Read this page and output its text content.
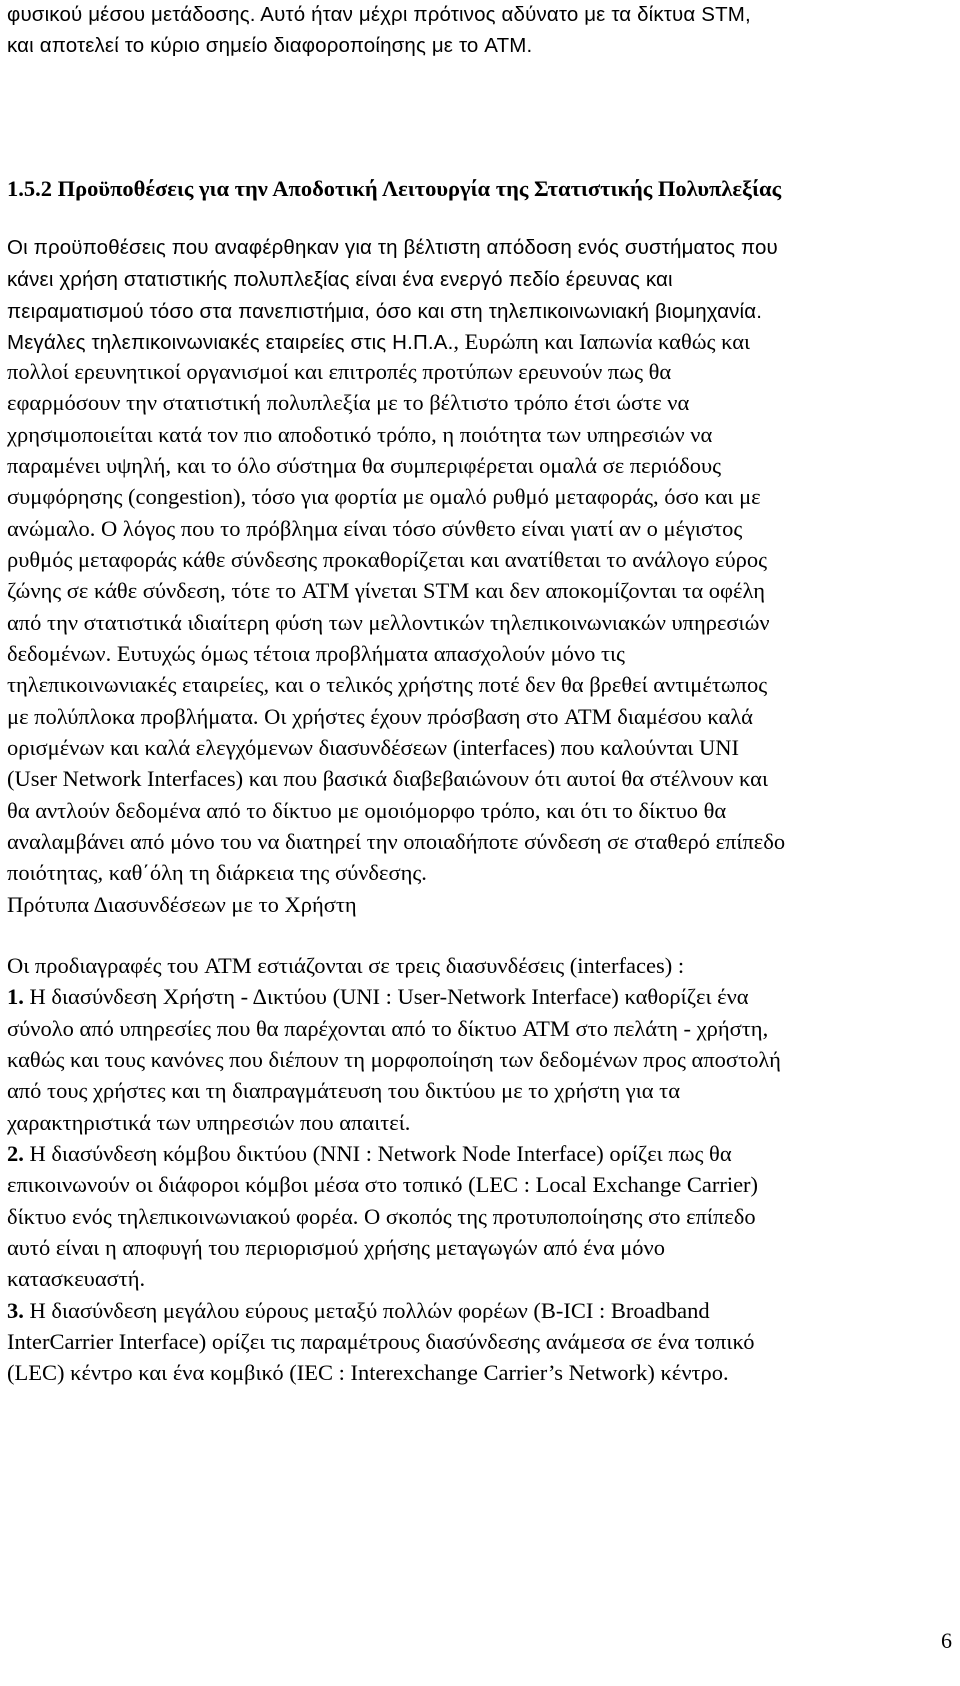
φυσικού μέσου μετάδοσης. Αυτό ήταν μέχρι πρότινος αδύνατο με τα δίκτυα STM,
και αποτελεί το κύριο σημείο διαφοροποίησης με το ATM.
1.5.2 Προϋποθέσεις για την Αποδοτική Λειτουργία της Στατιστικής Πολυπλεξίας
Οι προϋποθέσεις που αναφέρθηκαν για τη βέλτιστη απόδοση ενός συστήματος που
κάνει χρήση στατιστικής πολυπλεξίας είναι ένα ενεργό πεδίο έρευνας και
πειραματισμού τόσο στα πανεπιστήμια, όσο και στη τηλεπικοινωνιακή βιομηχανία.
Μεγάλες τηλεπικοινωνιακές εταιρείες στις Η.Π.Α., Ευρώπη και Ιαπωνία καθώς και
πολλοί ερευνητικοί οργανισμοί και επιτροπές προτύπων ερευνούν πως θα
εφαρμόσουν την στατιστική πολυπλεξία με το βέλτιστο τρόπο έτσι ώστε να
χρησιμοποιείται κατά τον πιο αποδοτικό τρόπο, η ποιότητα των υπηρεσιών να
παραμένει υψηλή, και το όλο σύστημα θα συμπεριφέρεται ομαλά σε περιόδους
συμφόρησης (congestion), τόσο για φορτία με ομαλό ρυθμό μεταφοράς, όσο και με
ανώμαλο. Ο λόγος που το πρόβλημα είναι τόσο σύνθετο είναι γιατί αν ο μέγιστος
ρυθμός μεταφοράς κάθε σύνδεσης προκαθορίζεται και ανατίθεται το ανάλογο εύρος
ζώνης σε κάθε σύνδεση, τότε το ATM γίνεται STM και δεν αποκομίζονται τα οφέλη
από την στατιστικά ιδιαίτερη φύση των μελλοντικών τηλεπικοινωνιακών υπηρεσιών
δεδομένων. Ευτυχώς όμως τέτοια προβλήματα απασχολούν μόνο τις
τηλεπικοινωνιακές εταιρείες, και ο τελικός χρήστης ποτέ δεν θα βρεθεί αντιμέτωπος
με πολύπλοκα προβλήματα. Οι χρήστες έχουν πρόσβαση στο ATM διαμέσου καλά
ορισμένων και καλά ελεγχόμενων διασυνδέσεων (interfaces) που καλούνται UNI
(User Network Interfaces) και που βασικά διαβεβαιώνουν ότι αυτοί θα στέλνουν και
θα αντλούν δεδομένα από το δίκτυο με ομοιόμορφο τρόπο, και ότι το δίκτυο θα
αναλαμβάνει από μόνο του να διατηρεί την οποιαδήποτε σύνδεση σε σταθερό επίπεδο
ποιότητας, καθ΄όλη τη διάρκεια της σύνδεσης.
Πρότυπα Διασυνδέσεων με το Χρήστη
Οι προδιαγραφές του ATM εστιάζονται σε τρεις διασυνδέσεις (interfaces) :
1. Η διασύνδεση Χρήστη - Δικτύου (UNI : User-Network Interface) καθορίζει ένα
σύνολο από υπηρεσίες που θα παρέχονται από το δίκτυο ATM στο πελάτη - χρήστη,
καθώς και τους κανόνες που διέπουν τη μορφοποίηση των δεδομένων προς αποστολή
από τους χρήστες και τη διαπραγμάτευση του δικτύου με το χρήστη για τα
χαρακτηριστικά των υπηρεσιών που απαιτεί.
2. Η διασύνδεση κόμβου δικτύου (NNI : Network Node Interface) ορίζει πως θα
επικοινωνούν οι διάφοροι κόμβοι μέσα στο τοπικό (LEC : Local Exchange Carrier)
δίκτυο ενός τηλεπικοινωνιακού φορέα. Ο σκοπός της προτυποποίησης στο επίπεδο
αυτό είναι η αποφυγή του περιορισμού χρήσης μεταγωγών από ένα μόνο
κατασκευαστή.
3. Η διασύνδεση μεγάλου εύρους μεταξύ πολλών φορέων (B-ICI : Broadband
InterCarrier Interface) ορίζει τις παραμέτρους διασύνδεσης ανάμεσα σε ένα τοπικό
(LEC) κέντρο και ένα κομβικό (IEC : Interexchange Carrier’s Network) κέντρο.
6
